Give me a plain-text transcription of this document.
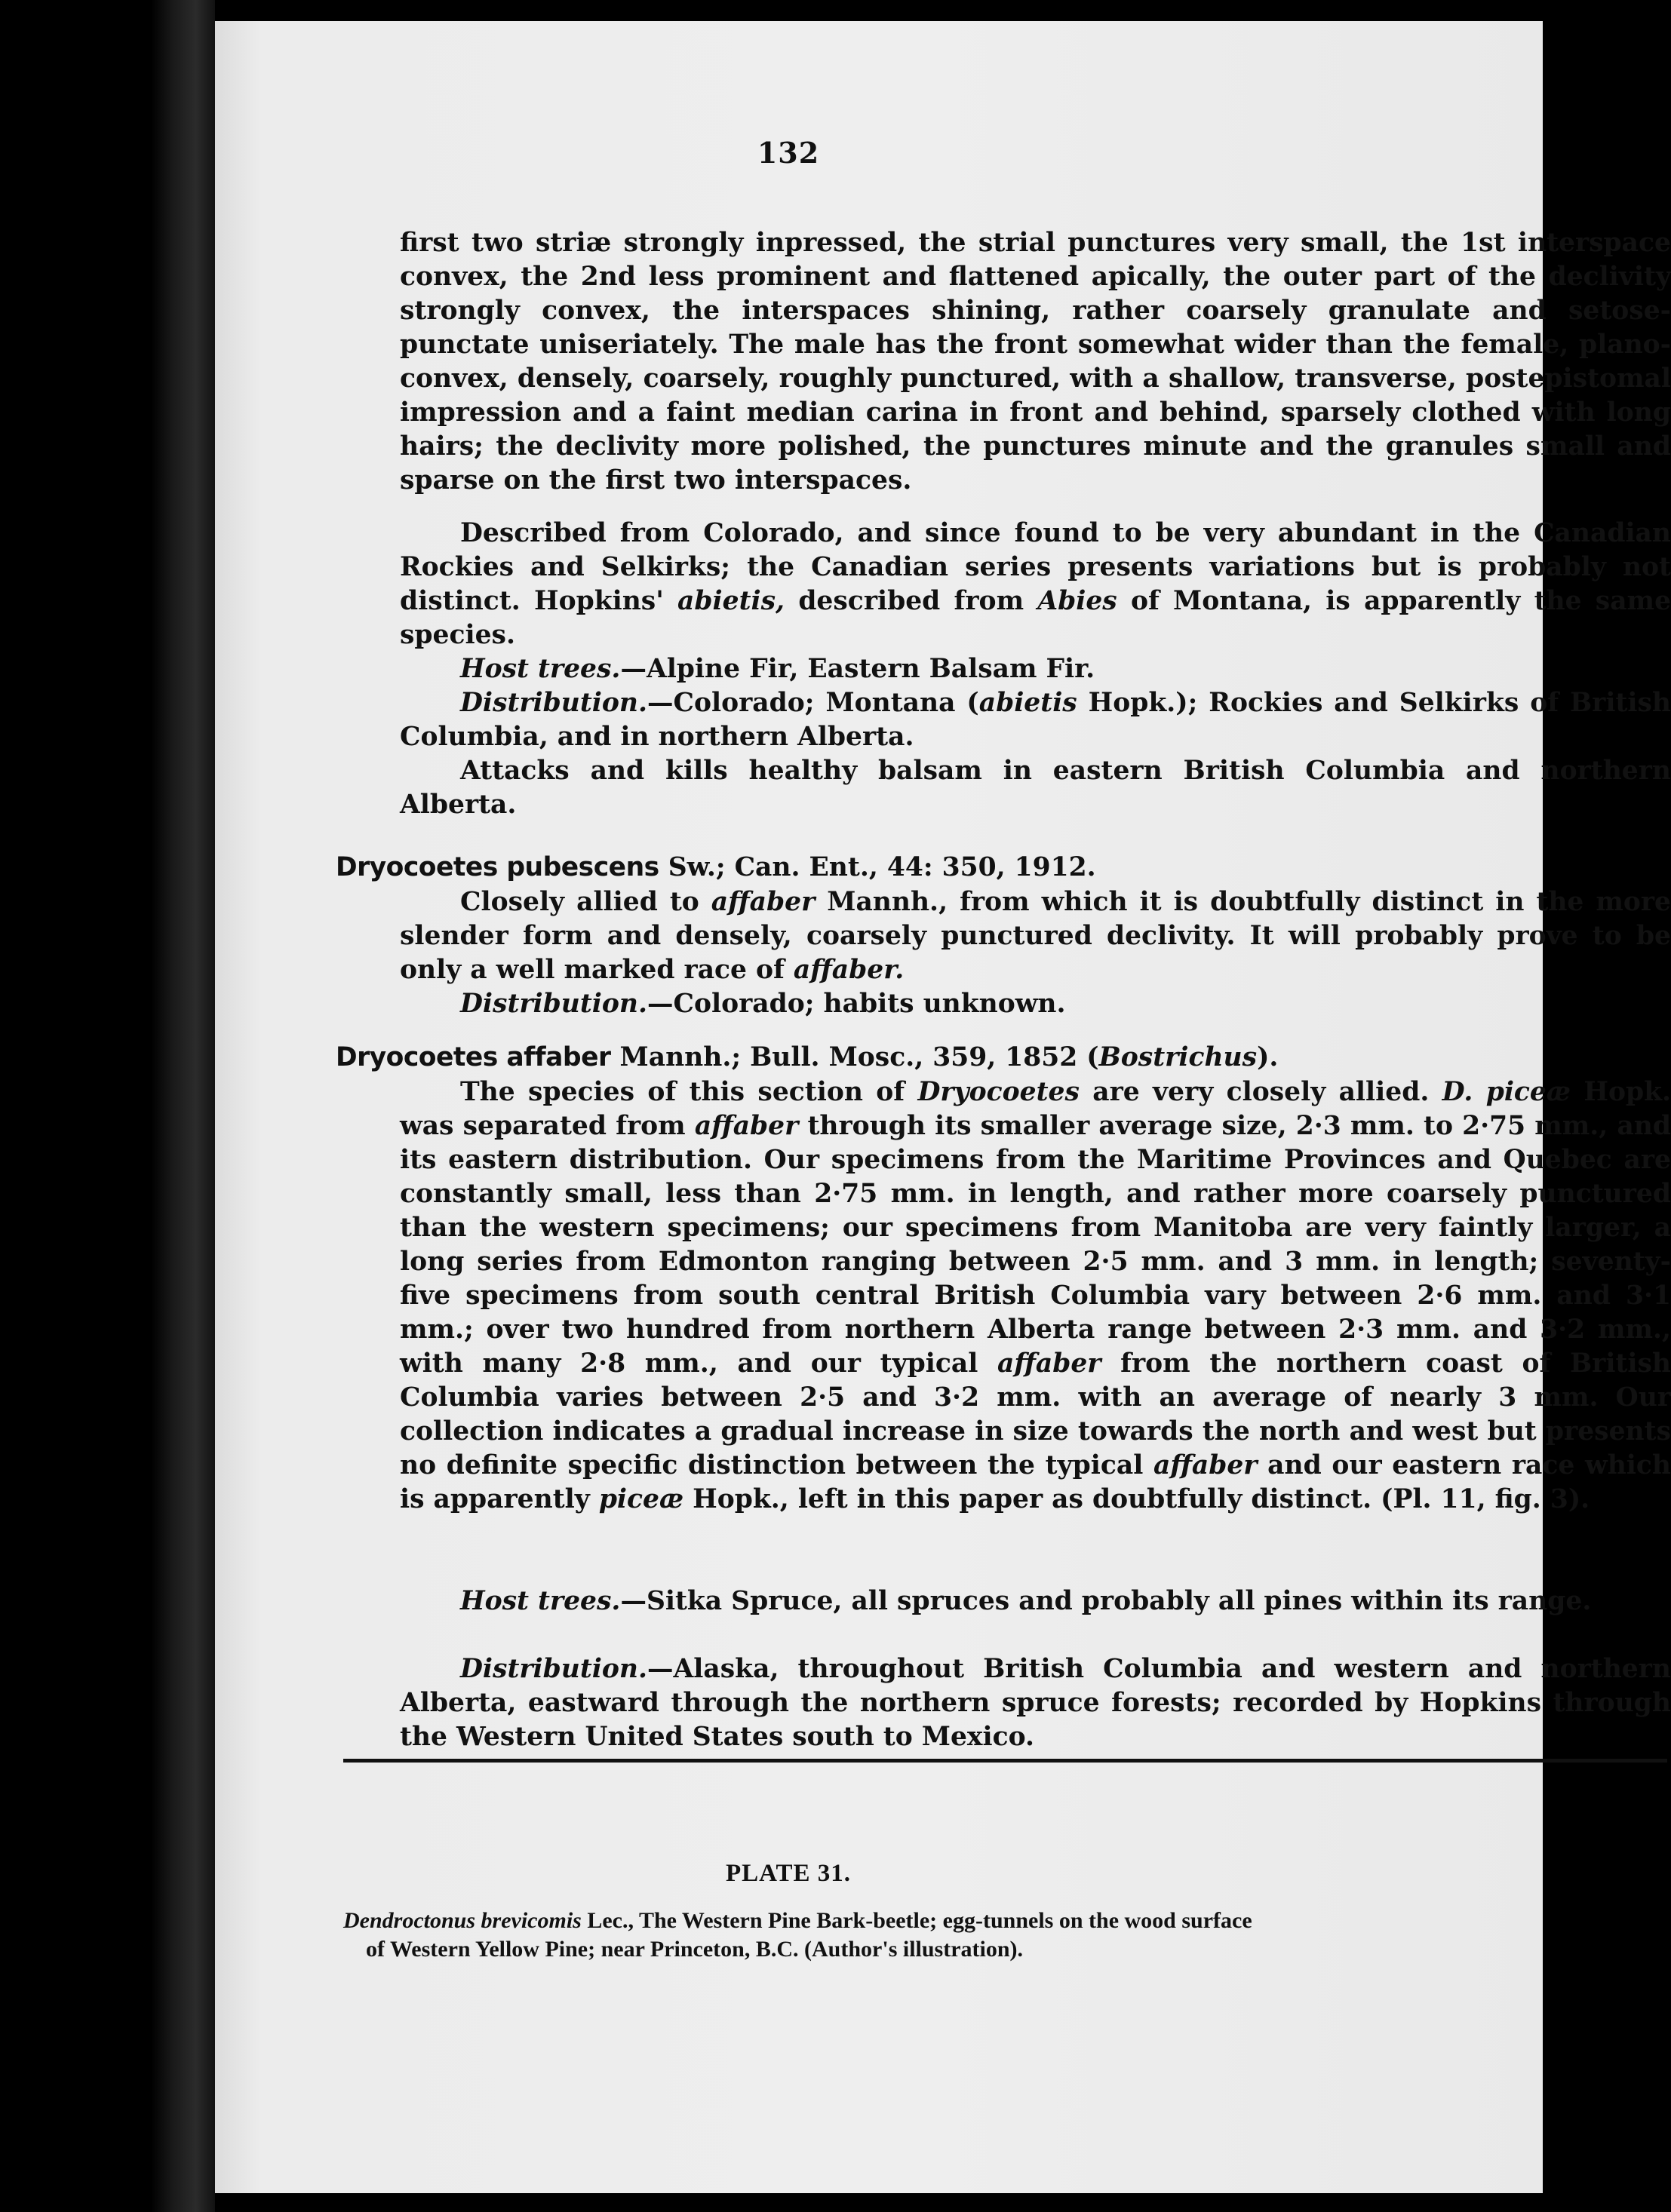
132

first two striæ strongly inpressed, the strial punctures very small, the 1st interspace convex, the 2nd less prominent and flattened apically, the outer part of the declivity strongly convex, the interspaces shining, rather coarsely granulate and setose-punctate uniseriately. The male has the front somewhat wider than the female, plano-convex, densely, coarsely, roughly punctured, with a shallow, transverse, postepistomal impression and a faint median carina in front and behind, sparsely clothed with long hairs; the declivity more polished, the punctures minute and the granules small and sparse on the first two interspaces.

Described from Colorado, and since found to be very abundant in the Canadian Rockies and Selkirks; the Canadian series presents variations but is probably not distinct. Hopkins' abietis, described from Abies of Montana, is apparently the same species.

Host trees.—Alpine Fir, Eastern Balsam Fir.

Distribution.—Colorado; Montana (abietis Hopk.); Rockies and Selkirks of British Columbia, and in northern Alberta.

Attacks and kills healthy balsam in eastern British Columbia and northern Alberta.

Dryocoetes pubescens Sw.; Can. Ent., 44: 350, 1912.

Closely allied to affaber Mannh., from which it is doubtfully distinct in the more slender form and densely, coarsely punctured declivity. It will probably prove to be only a well marked race of affaber.

Distribution.—Colorado; habits unknown.

Dryocoetes affaber Mannh.; Bull. Mosc., 359, 1852 (Bostrichus).

The species of this section of Dryocoetes are very closely allied. D. piceæ Hopk. was separated from affaber through its smaller average size, 2·3 mm. to 2·75 mm., and its eastern distribution. Our specimens from the Maritime Provinces and Quebec are constantly small, less than 2·75 mm. in length, and rather more coarsely punctured than the western specimens; our specimens from Manitoba are very faintly larger, a long series from Edmonton ranging between 2·5 mm. and 3 mm. in length; seventy-five specimens from south central British Columbia vary between 2·6 mm. and 3·1 mm.; over two hundred from northern Alberta range between 2·3 mm. and 3·2 mm., with many 2·8 mm., and our typical affaber from the northern coast of British Columbia varies between 2·5 and 3·2 mm. with an average of nearly 3 mm. Our collection indicates a gradual increase in size towards the north and west but presents no definite specific distinction between the typical affaber and our eastern race which is apparently piceæ Hopk., left in this paper as doubtfully distinct. (Pl. 11, fig. 3).

Host trees.—Sitka Spruce, all spruces and probably all pines within its range.

Distribution.—Alaska, throughout British Columbia and western and northern Alberta, eastward through the northern spruce forests; recorded by Hopkins through the Western United States south to Mexico.

PLATE 31.

Dendroctonus brevicomis Lec., The Western Pine Bark-beetle; egg-tunnels on the wood surface
of Western Yellow Pine; near Princeton, B.C. (Author's illustration).
